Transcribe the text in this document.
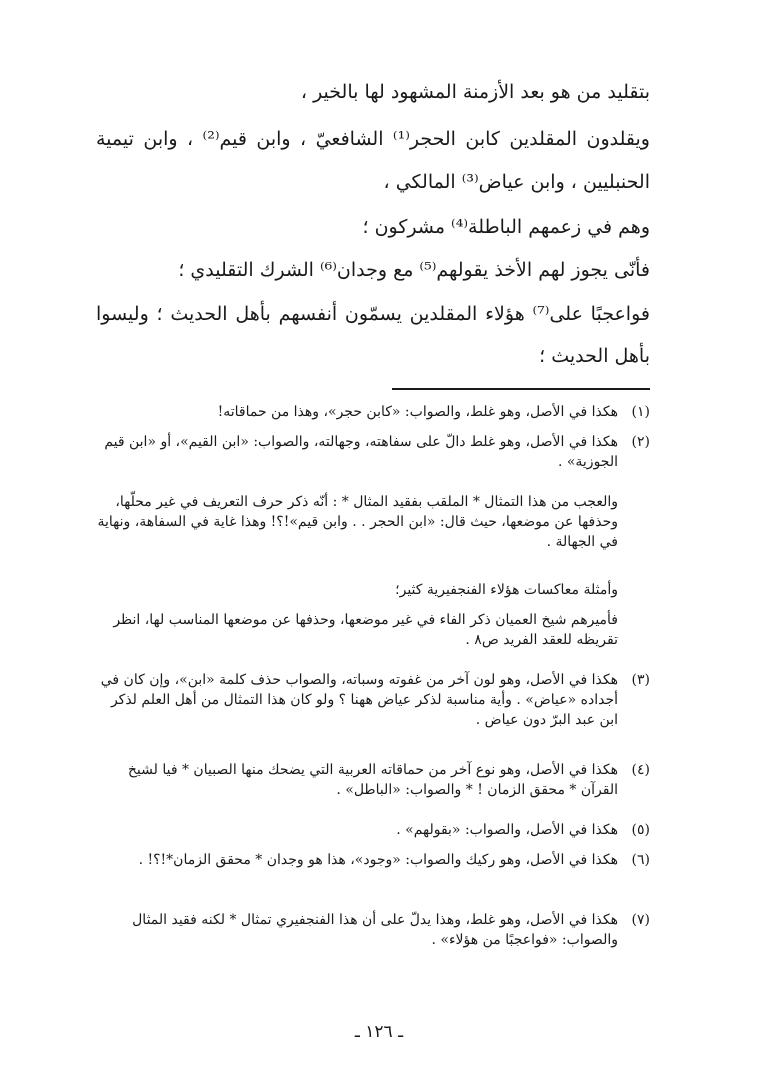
بتقليد من هو بعد الأزمنة المشهود لها بالخير ،
ويقلدون المقلدين كابن الحجر⁽¹⁾ الشافعيّ ، وابن قيم⁽²⁾ ، وابن تيمية
الحنبليين ، وابن عياض⁽³⁾ المالكي ،
وهم في زعمهم الباطلة⁽⁴⁾ مشركون ؛
فأنّى يجوز لهم الأخذ يقولهم⁽⁵⁾ مع وجدان⁽⁶⁾ الشرك التقليدي ؛
فواعجبًا على⁽⁷⁾ هؤلاء المقلدين يسمّون أنفسهم بأهل الحديث ؛ وليسوا
بأهل الحديث ؛
(١)
هكذا في الأصل، وهو غلط، والصواب: «كابن حجر»، وهذا من حماقاته!
(٢)
هكذا في الأصل، وهو غلط دالّ على سفاهته، وجهالته، والصواب: «ابن القيم»، أو «ابن قيم الجوزية» .
والعجب من هذا التمثال * الملقب بفقيد المثال * : أنّه ذكر حرف التعريف في غير محلّها، وحذفها عن موضعها، حيث قال: «ابن الحجر . . وابن قيم»!؟! وهذا غاية في السفاهة، ونهاية في الجهالة .
وأمثلة معاكسات هؤلاء الفنجفيرية كثير؛
فأميرهم شيخ العميان ذكر الفاء في غير موضعها، وحذفها عن موضعها المناسب لها، انظر تقريظه للعقد الفريد ص٨ .
(٣)
هكذا في الأصل، وهو لون آخر من غفوته وسباته، والصواب حذف كلمة «ابن»، وإن كان في أجداده «عياض» . وأية مناسبة لذكر عياض ههنا ؟ ولو كان هذا التمثال من أهل العلم لذكر ابن عبد البرّ دون عياض .
(٤)
هكذا في الأصل، وهو نوع آخر من حماقاته العربية التي يضحك منها الصبيان * فيا لشيخ القرآن * محقق الزمان ! * والصواب: «الباطل» .
(٥)
هكذا في الأصل، والصواب: «بقولهم» .
(٦)
هكذا في الأصل، وهو ركيك والصواب: «وجود»، هذا هو وجدان * محقق الزمان*!؟! .
(٧)
هكذا في الأصل، وهو غلط، وهذا يدلّ على أن هذا الفنجفيري تمثال * لكنه فقيد المثال والصواب: «فواعجبًا من هؤلاء» .
ـ ١٢٦ ـ
